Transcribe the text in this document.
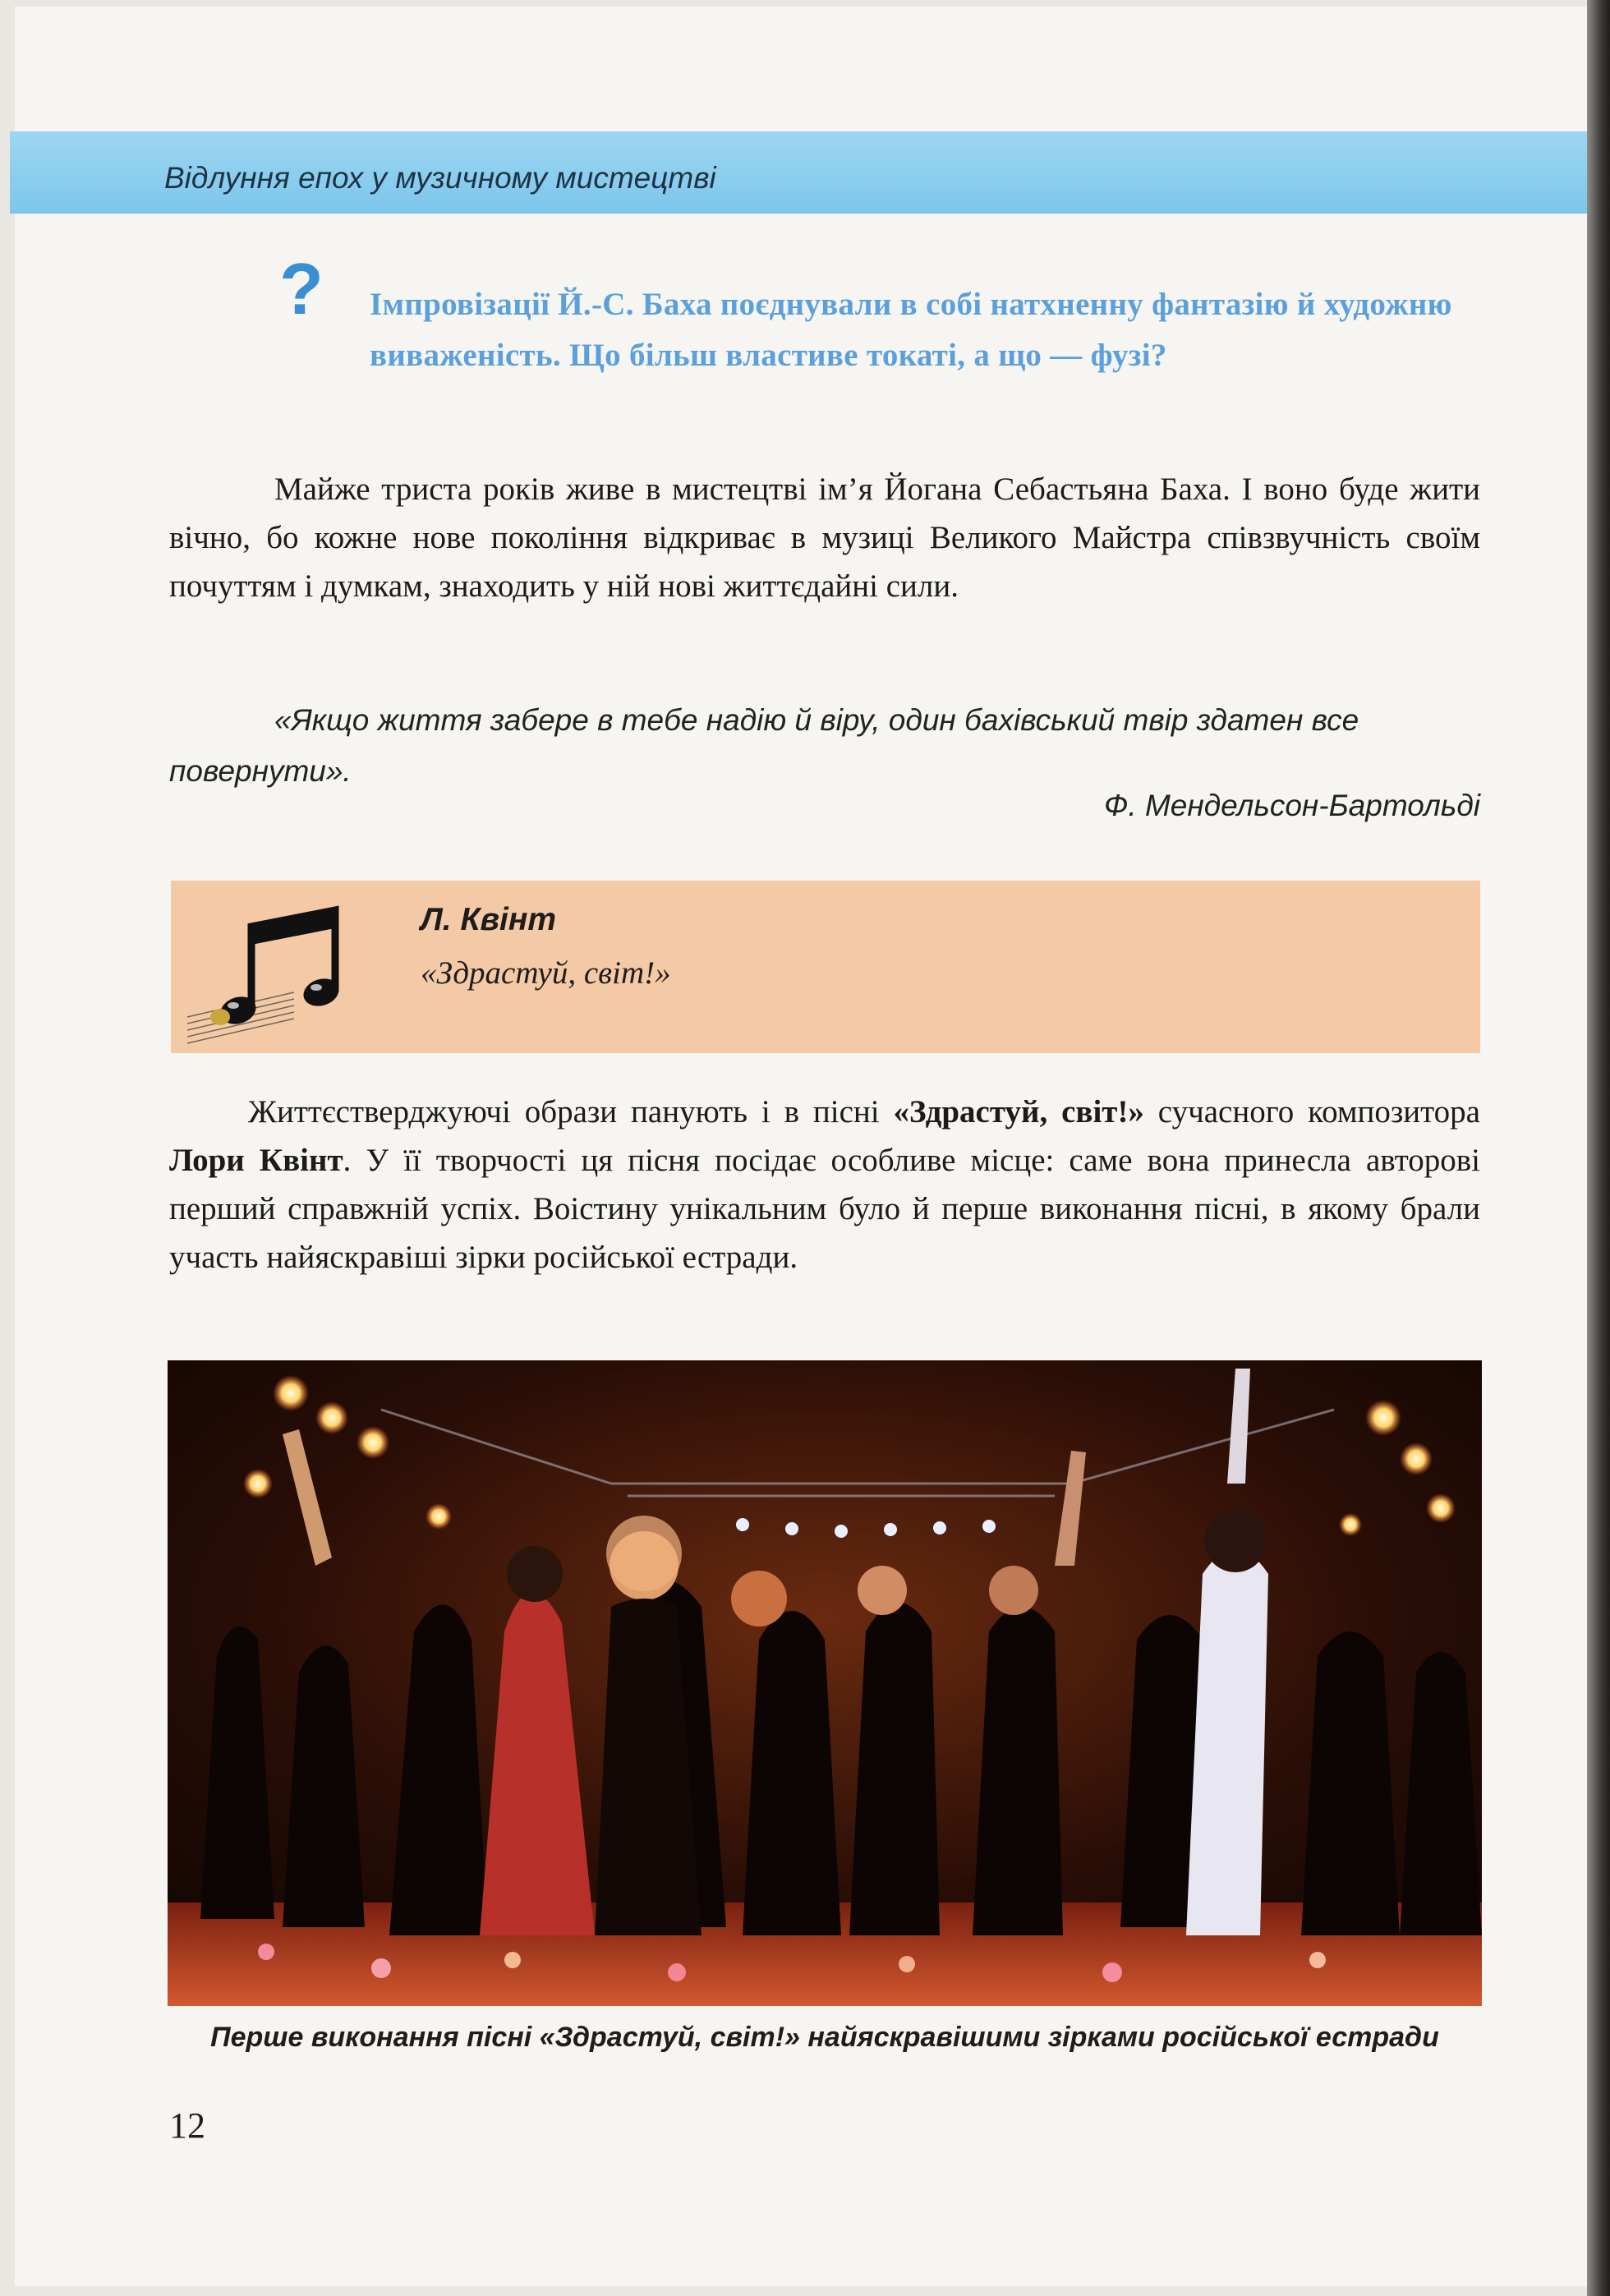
Відлуння епох у музичному мистецтві
? Імпровізації Й.-С. Баха поєднували в собі натхненну фантазію й художню виваженість. Що більш властиве токаті, а що — фузі?
Майже триста років живе в мистецтві ім’я Йогана Себастьяна Баха. І воно буде жити вічно, бо кожне нове покоління відкриває в музиці Великого Майстра співзвучність своїм почуттям і думкам, знаходить у ній нові життєдайні сили.
«Якщо життя забере в тебе надію й віру, один бахівський твір здатен все повернути».
Ф. Мендельсон-Бартольді
Л. Квінт
«Здрастуй, світ!»
Життєстверджуючі образи панують і в пісні «Здрастуй, світ!» сучасного композитора Лори Квінт. У її творчості ця пісня посідає особливе місце: саме вона принесла авторові перший справжній успіх. Воістину унікальним було й перше виконання пісні, в якому брали участь найяскравіші зірки російської естради.
Перше виконання пісні «Здрастуй, світ!» найяскравішими зірками російської естради
12
